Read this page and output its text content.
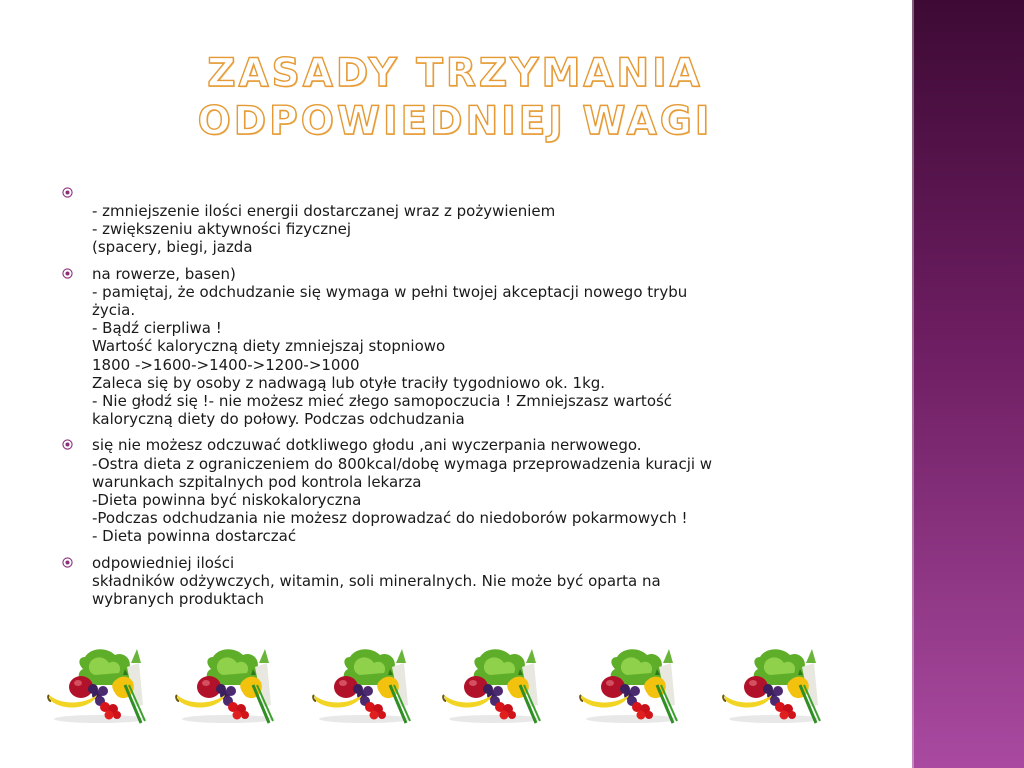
ZASADY TRZYMANIA ODPOWIEDNIEJ WAGI
- zmniejszenie ilości energii dostarczanej wraz z pożywieniem
- zwiększeniu aktywności fizycznej
(spacery, biegi, jazda
na rowerze, basen)
- pamiętaj, że odchudzanie się wymaga w pełni twojej akceptacji nowego trybu
życia.
- Bądź cierpliwa !
Wartość kaloryczną diety zmniejszaj stopniowo
1800 ->1600->1400->1200->1000
Zaleca się by osoby z nadwagą lub otyłe traciły tygodniowo ok. 1kg.
- Nie głodź się !- nie możesz mieć złego samopoczucia ! Zmniejszasz wartość
kaloryczną diety do połowy. Podczas odchudzania
się nie możesz odczuwać dotkliwego głodu ,ani wyczerpania nerwowego.
-Ostra dieta z ograniczeniem do 800kcal/dobę wymaga przeprowadzenia kuracji w
warunkach szpitalnych pod kontrola lekarza
-Dieta powinna być niskokaloryczna
-Podczas odchudzania nie możesz doprowadzać do niedoborów pokarmowych !
- Dieta powinna dostarczać
odpowiedniej ilości
składników odżywczych, witamin, soli mineralnych. Nie może być oparta na
wybranych produktach
